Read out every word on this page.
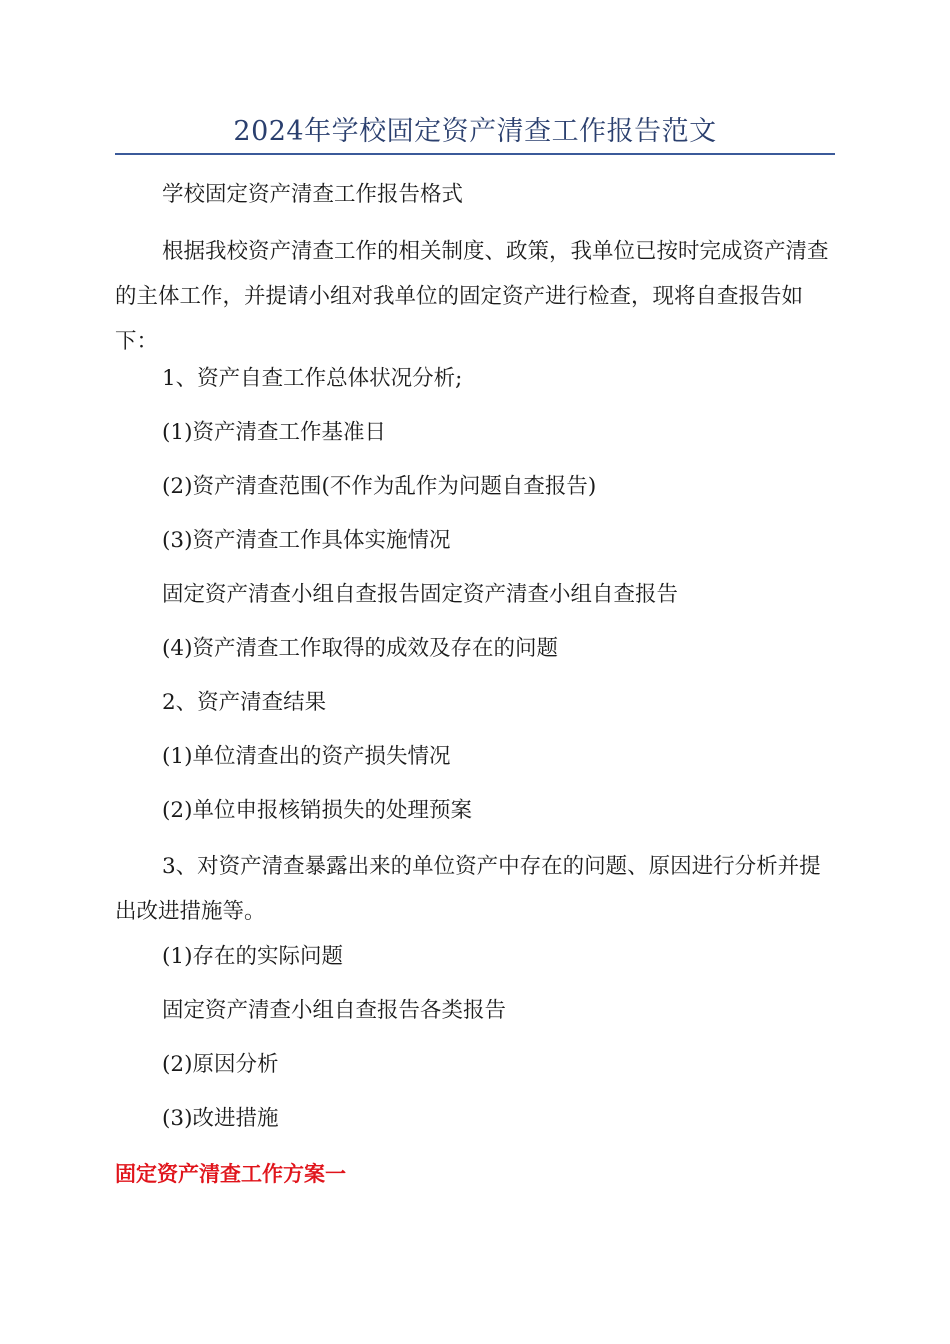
2024年学校固定资产清查工作报告范文

学校固定资产清查工作报告格式

根据我校资产清查工作的相关制度、政策，我单位已按时完成资产清查的主体工作，并提请小组对我单位的固定资产进行检查，现将自查报告如下：

1、资产自查工作总体状况分析;

(1)资产清查工作基准日

(2)资产清查范围(不作为乱作为问题自查报告)

(3)资产清查工作具体实施情况

固定资产清查小组自查报告固定资产清查小组自查报告

(4)资产清查工作取得的成效及存在的问题

2、资产清查结果

(1)单位清查出的资产损失情况

(2)单位申报核销损失的处理预案

3、对资产清查暴露出来的单位资产中存在的问题、原因进行分析并提出改进措施等。

(1)存在的实际问题

固定资产清查小组自查报告各类报告

(2)原因分析

(3)改进措施

固定资产清查工作方案一
